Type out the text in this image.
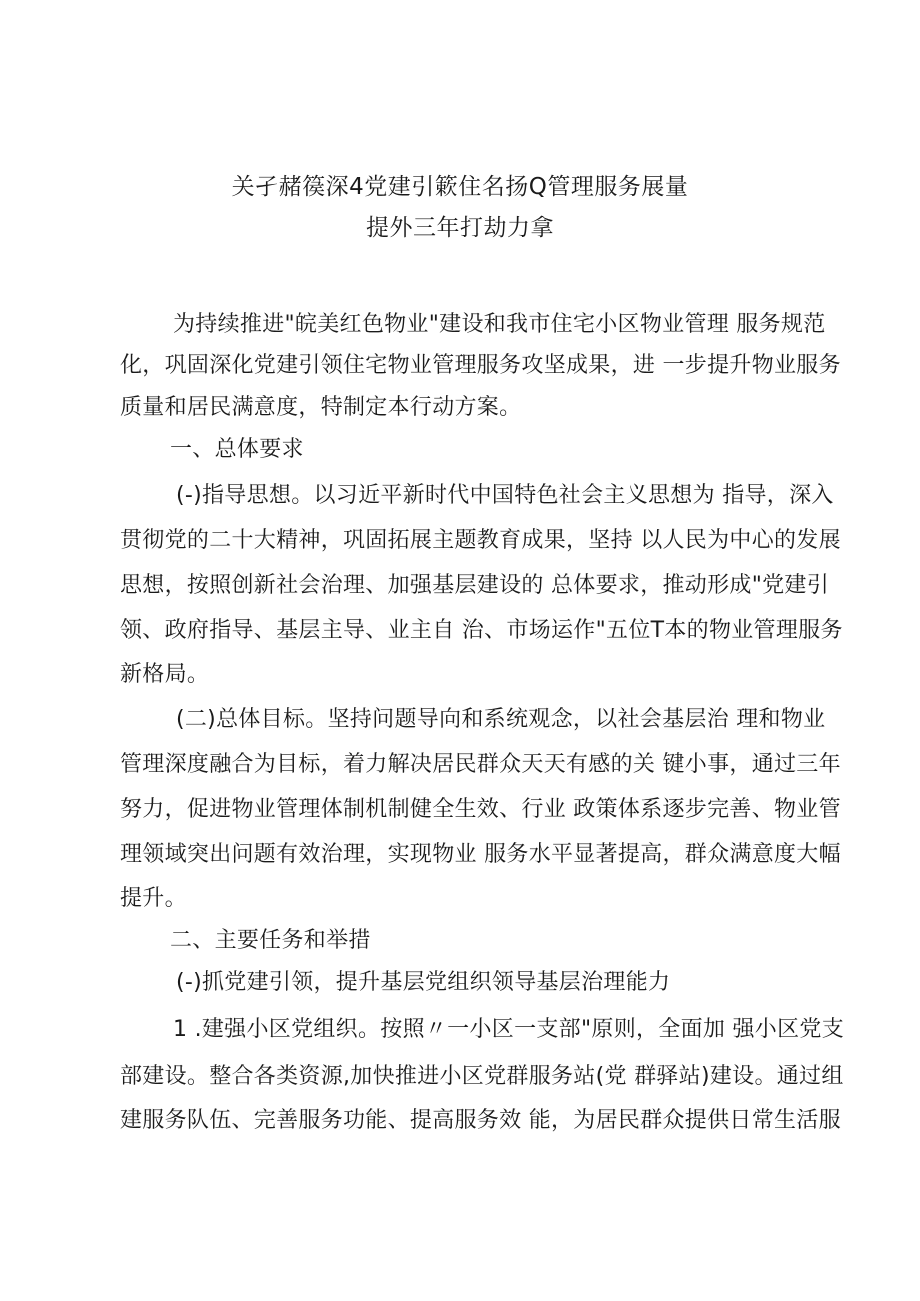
关孑赭篌深4党建引簌住名扬Q管理服务展量
提外三年打劫力拿
为持续推进"皖美红色物业"建设和我市住宅小区物业管理 服务规范
化，巩固深化党建引领住宅物业管理服务攻坚成果，进 一步提升物业服务
质量和居民满意度，特制定本行动方案。
一、总体要求
(-)指导思想。以习近平新时代中国特色社会主义思想为 指导，深入
贯彻党的二十大精神，巩固拓展主题教育成果，坚持 以人民为中心的发展
思想，按照创新社会治理、加强基层建设的 总体要求，推动形成"党建引
领、政府指导、基层主导、业主自 治、市场运作"五位T本的物业管理服务
新格局。
(二)总体目标。坚持问题导向和系统观念，以社会基层治 理和物业
管理深度融合为目标，着力解决居民群众天天有感的关 键小事，通过三年
努力，促进物业管理体制机制健全生效、行业 政策体系逐步完善、物业管
理领域突出问题有效治理，实现物业 服务水平显著提高，群众满意度大幅
提升。
二、主要任务和举措
(-)抓党建引领，提升基层党组织领导基层治理能力
1 .建强小区党组织。按照〃一小区一支部"原则，全面加 强小区党支
部建设。整合各类资源,加快推进小区党群服务站(党 群驿站)建设。通过组
建服务队伍、完善服务功能、提高服务效 能，为居民群众提供日常生活服
